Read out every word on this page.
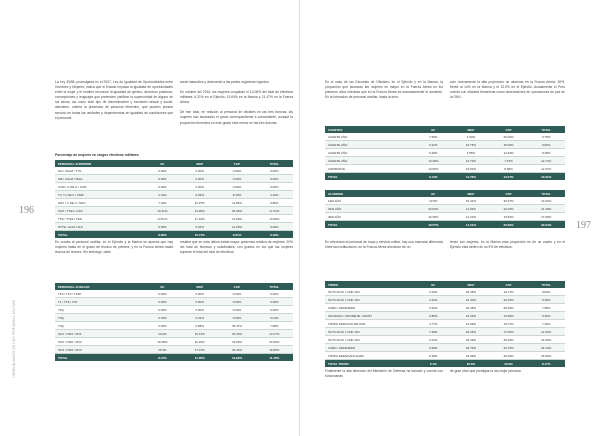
196
LIBRO BLANCO DE LOS PERSONAL MILITAR

La Ley 39/86, promulgada en el 2007, Ley de Igualdad de Oportunidades entre Hombres y Mujeres, indica que el Estado impulsa la igualdad de oportunidades entre la mujer y el hombre reconoce la igualdad de género, derechos prácticos, concepciones y lenguajes que pretenden justificar la superioridad de alguno de los sexos, así como todo tipo de discriminación y exclusión sexual y social, asimismo, orienta la presencia de personal femenino, que pueden prestar servicio en todas las unidades y dependencias en igualdad de condiciones que el personal.

sonal masculino y descuento a las partes orgánicas vigentes.

En octubre del 2016, las mujeres ocupaban el 10.08% del total de efectivos militares: 6.31% en el Ejército, 13.64% en la Marina y 21.47% en la Fuerza Aérea.

De ese total, en relación al personal de oficiales en las tres fuerzas, las mujeres han alcanzado el grado correspondiente a comandante, aunque la proporción femenina en este grado está menor en las tres fuerzas.

Porcentaje de mujeres en cargos efectivos militares
PERSONAL SUPERIOR	EF	MGP	FAP	TOTAL
GD / VALM / TTG	0.00%	0.00%	0.00%	0.00%
GB / CALM / MAG	0.00%	0.00%	0.00%	0.00%
COR / C DE N / COR	0.00%	0.00%	0.00%	0.00%
TC / C DE F / CMD	2.31%	0.93%	8.10%	4.34%
MAY / C DE C / MAY	7.34%	12.97%	11.59%	9.85%
CAP / TTE1 / CAP	19.31%	14.96%	15.45%	17.31%
TTE / TTE2 / TEN	13.51%	17.40%	13.69%	13.99%
STTE / ALFA / ALF	9.05%	6.94%	12.09%	9.09%
TOTAL	8.69%	10.47%	9.91%	9.19%

En cuanto al personal auxiliar, en el Ejército y la Marina se aprecia que hay mujeres hasta en el grado de técnico de primera, y en la Fuerza Aérea hasta técnica de tercera. Sin embargo, cabe

resaltar que en esta última existe mayor presencia relativa de mujeres: 20% del total de técnicos y suboficiales, con grados en los que las mujeres superan el total del total de efectivos.

PERSONAL AUXILIAR	EF	MGP	FAP	TOTAL
T1S / T1S / T1SP	0.00%	0.00%	0.00%	0.00%
T1 / T1S / T1P	0.00%	0.00%	0.00%	0.00%
T2Q	0.00%	0.00%	0.00%	0.00%
T3Q	3.79%	0.31%	0.00%	3.01%
T3Q	4.39%	0.88%	35.47%	7.98%
SO1 / OM1 / SO1	10.2%	15.13%	30.15%	13.27%
SO2 / OM2 / SO2	19.48%	22.45%	23.99%	23.99%
SO3 / OM3 / SO3	26.3%	17.07%	33.39%	19.05%
TOTAL	8.47%	11.05%	19.99%	11.35%
197

En el caso de las Escuelas de Oficiales, en el Ejército y en la Marina, la proporción que alcanzan las mujeres es mayor en la Fuerza Aérea en los primeros años mientras que en la Fuerza Aérea es marcadamente el aumento. En la formación de personal auxiliar, hasta la sem-

ción nuevamente la alta proporción de alumnas en la Fuerza Aérea; 30%, frente al 14% en la Marina y el 10.5% en el Ejército. Actualmente el Perú cuenta con oficiales femeninas como observadores en operaciones de paz de la ONU.

CADETES	EF	MGP	FAP	TOTAL
CADETE AÑO	7.59%	4.94%	20.00%	9.75%
CADETE AÑO	6.31%	10.75%	15.09%	9.60%
CADETE AÑO	6.28%	4.55%	12.64%	8.48%
CADETE AÑO	13.48%	21.79%	7.97%	12.72%
ASPIRANTE	10.95%	19.83%	8.96%	12.37%
TOTAL	9.14%	11.76%	13.27%	10.31%
ALUMNOS	EF	MGP	FAP	TOTAL
1ER AÑO	10.5%	15.44%	36.97%	19.42%
2DO AÑO	23.93%	11.39%	34.03%	21.39%
3ER AÑO	16.36%	14.23%	15.84%	17.99%
TOTAL	18.57%	14.21%	26.60%	20.94%

En referencia al personal de tropa y servicio militar, hay una marcada diferencia entre las instituciones: en la Fuerza Aérea alrededor de un

tercio son mujeres, en la Marina esta proporción es de un cuarto y en el Ejército está dentro de un 5% de efectivos.

TROPA	EF	MGP	FAP	TOTAL
SOTO RGO / CAB / RD	3.23%	26.48%	16.17%	9.83%
SOTO RGO / CAB / RD	4.31%	15.40%	33.15%	5.45%
CABO / MARINERO	5.91%	20.48%	28.48%	7.58%
SOLDADO / GRUMETE / AVIÓN	3.85%	19.39%	15.99%	5.30%
TROPA SERVICIO MILITAR	4.77%	21.99%	15.07%	7.43%
SOTO RGO / CAB / RD	7.95%	20.25%	17.06%	12.43%
SOTO RGO / CAB / RD	9.21%	32.39%	35.46%	14.35%
CABO / MARINERO	9.96%	32.79%	34.76%	32.13%
TROPA REENGANCHADA	8.35%	34.99%	36.62%	25.90%
TOTAL TROPA	5.1%	22.6%	22.9%	8.17%

Finalmente la alta dirección del Ministerio de Defensa ha tomado y cuenta con funcionarias

de gran nivel que prestigian a las mujer peruana.
